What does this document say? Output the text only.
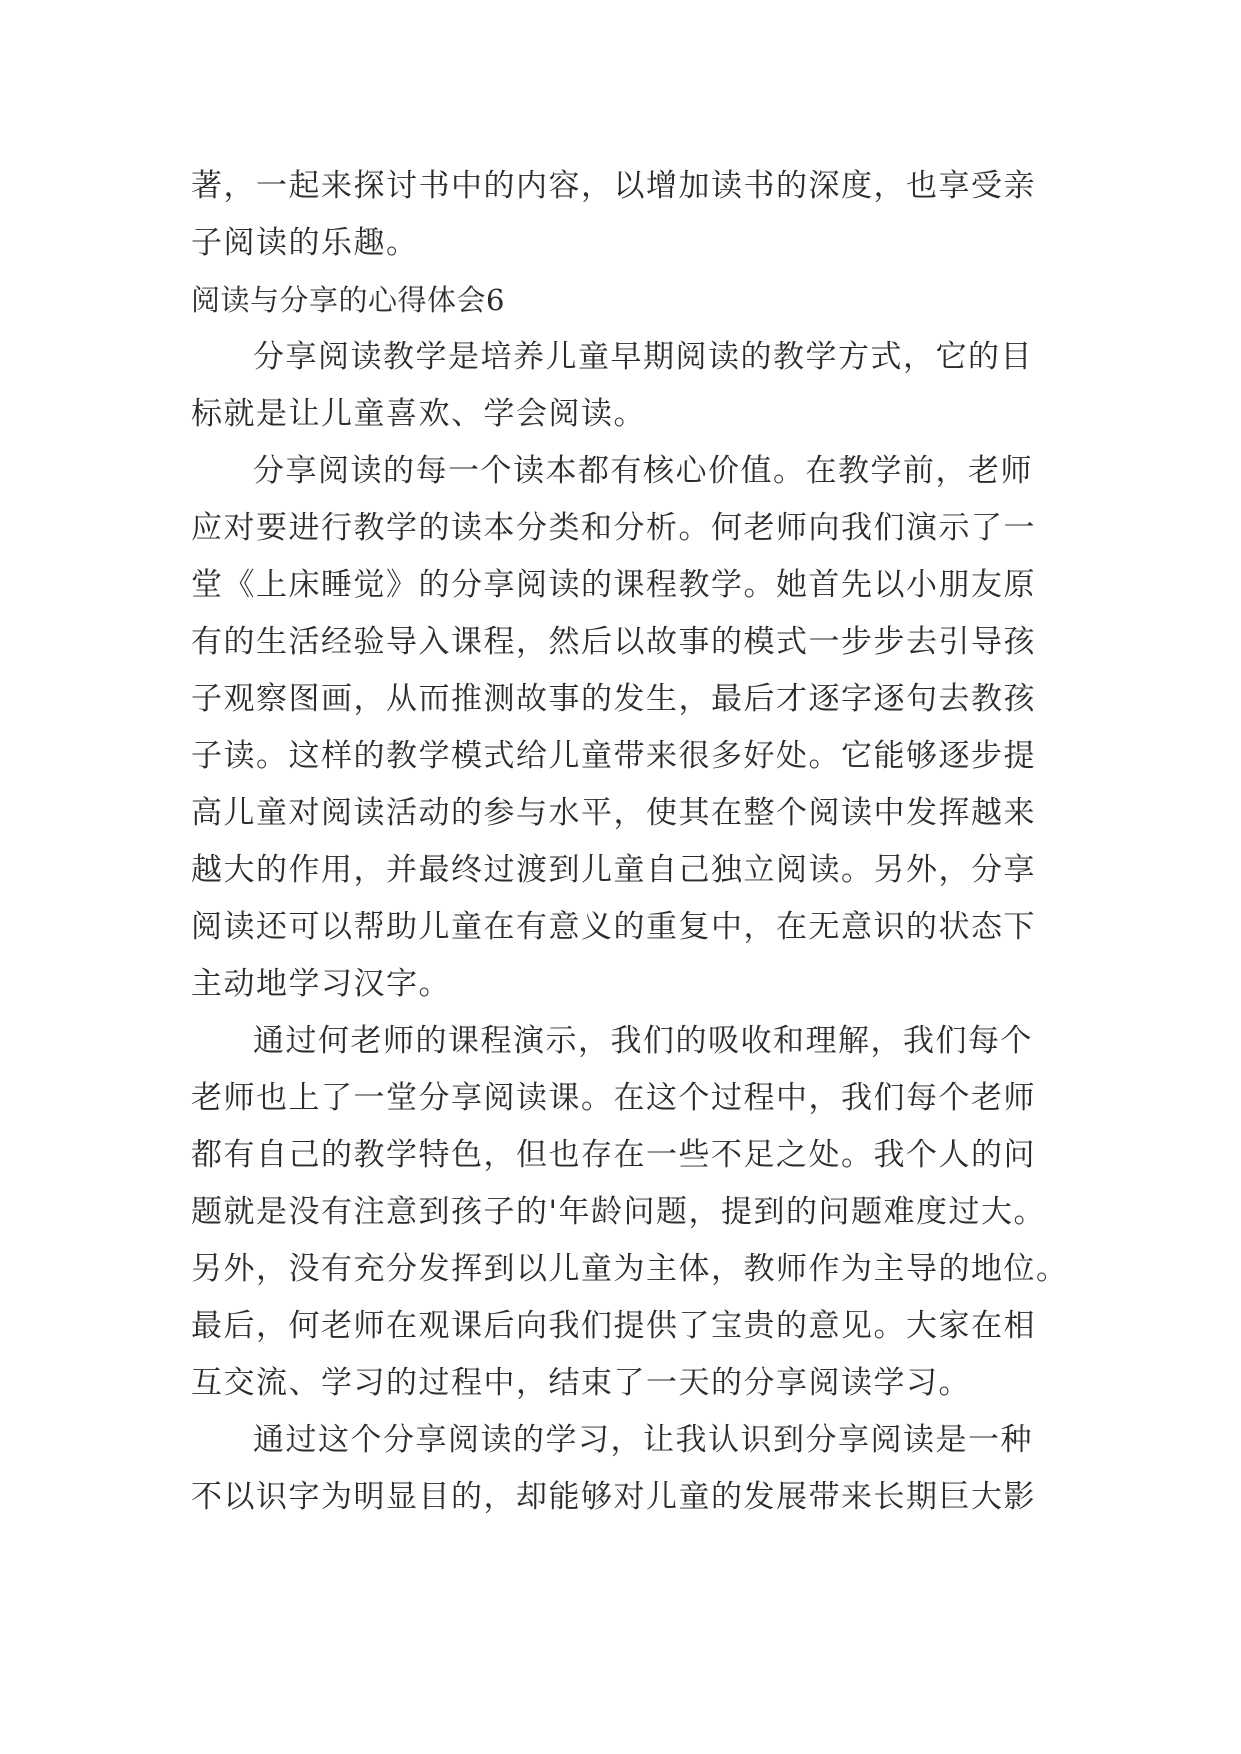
著，一起来探讨书中的内容，以增加读书的深度，也享受亲
子阅读的乐趣。
阅读与分享的心得体会6
分享阅读教学是培养儿童早期阅读的教学方式，它的目
标就是让儿童喜欢、学会阅读。
分享阅读的每一个读本都有核心价值。在教学前，老师
应对要进行教学的读本分类和分析。何老师向我们演示了一
堂《上床睡觉》的分享阅读的课程教学。她首先以小朋友原
有的生活经验导入课程，然后以故事的模式一步步去引导孩
子观察图画，从而推测故事的发生，最后才逐字逐句去教孩
子读。这样的教学模式给儿童带来很多好处。它能够逐步提
高儿童对阅读活动的参与水平，使其在整个阅读中发挥越来
越大的作用，并最终过渡到儿童自己独立阅读。另外，分享
阅读还可以帮助儿童在有意义的重复中，在无意识的状态下
主动地学习汉字。
通过何老师的课程演示，我们的吸收和理解，我们每个
老师也上了一堂分享阅读课。在这个过程中，我们每个老师
都有自己的教学特色，但也存在一些不足之处。我个人的问
题就是没有注意到孩子的'年龄问题，提到的问题难度过大。
另外，没有充分发挥到以儿童为主体，教师作为主导的地位。
最后，何老师在观课后向我们提供了宝贵的意见。大家在相
互交流、学习的过程中，结束了一天的分享阅读学习。
通过这个分享阅读的学习，让我认识到分享阅读是一种
不以识字为明显目的，却能够对儿童的发展带来长期巨大影
